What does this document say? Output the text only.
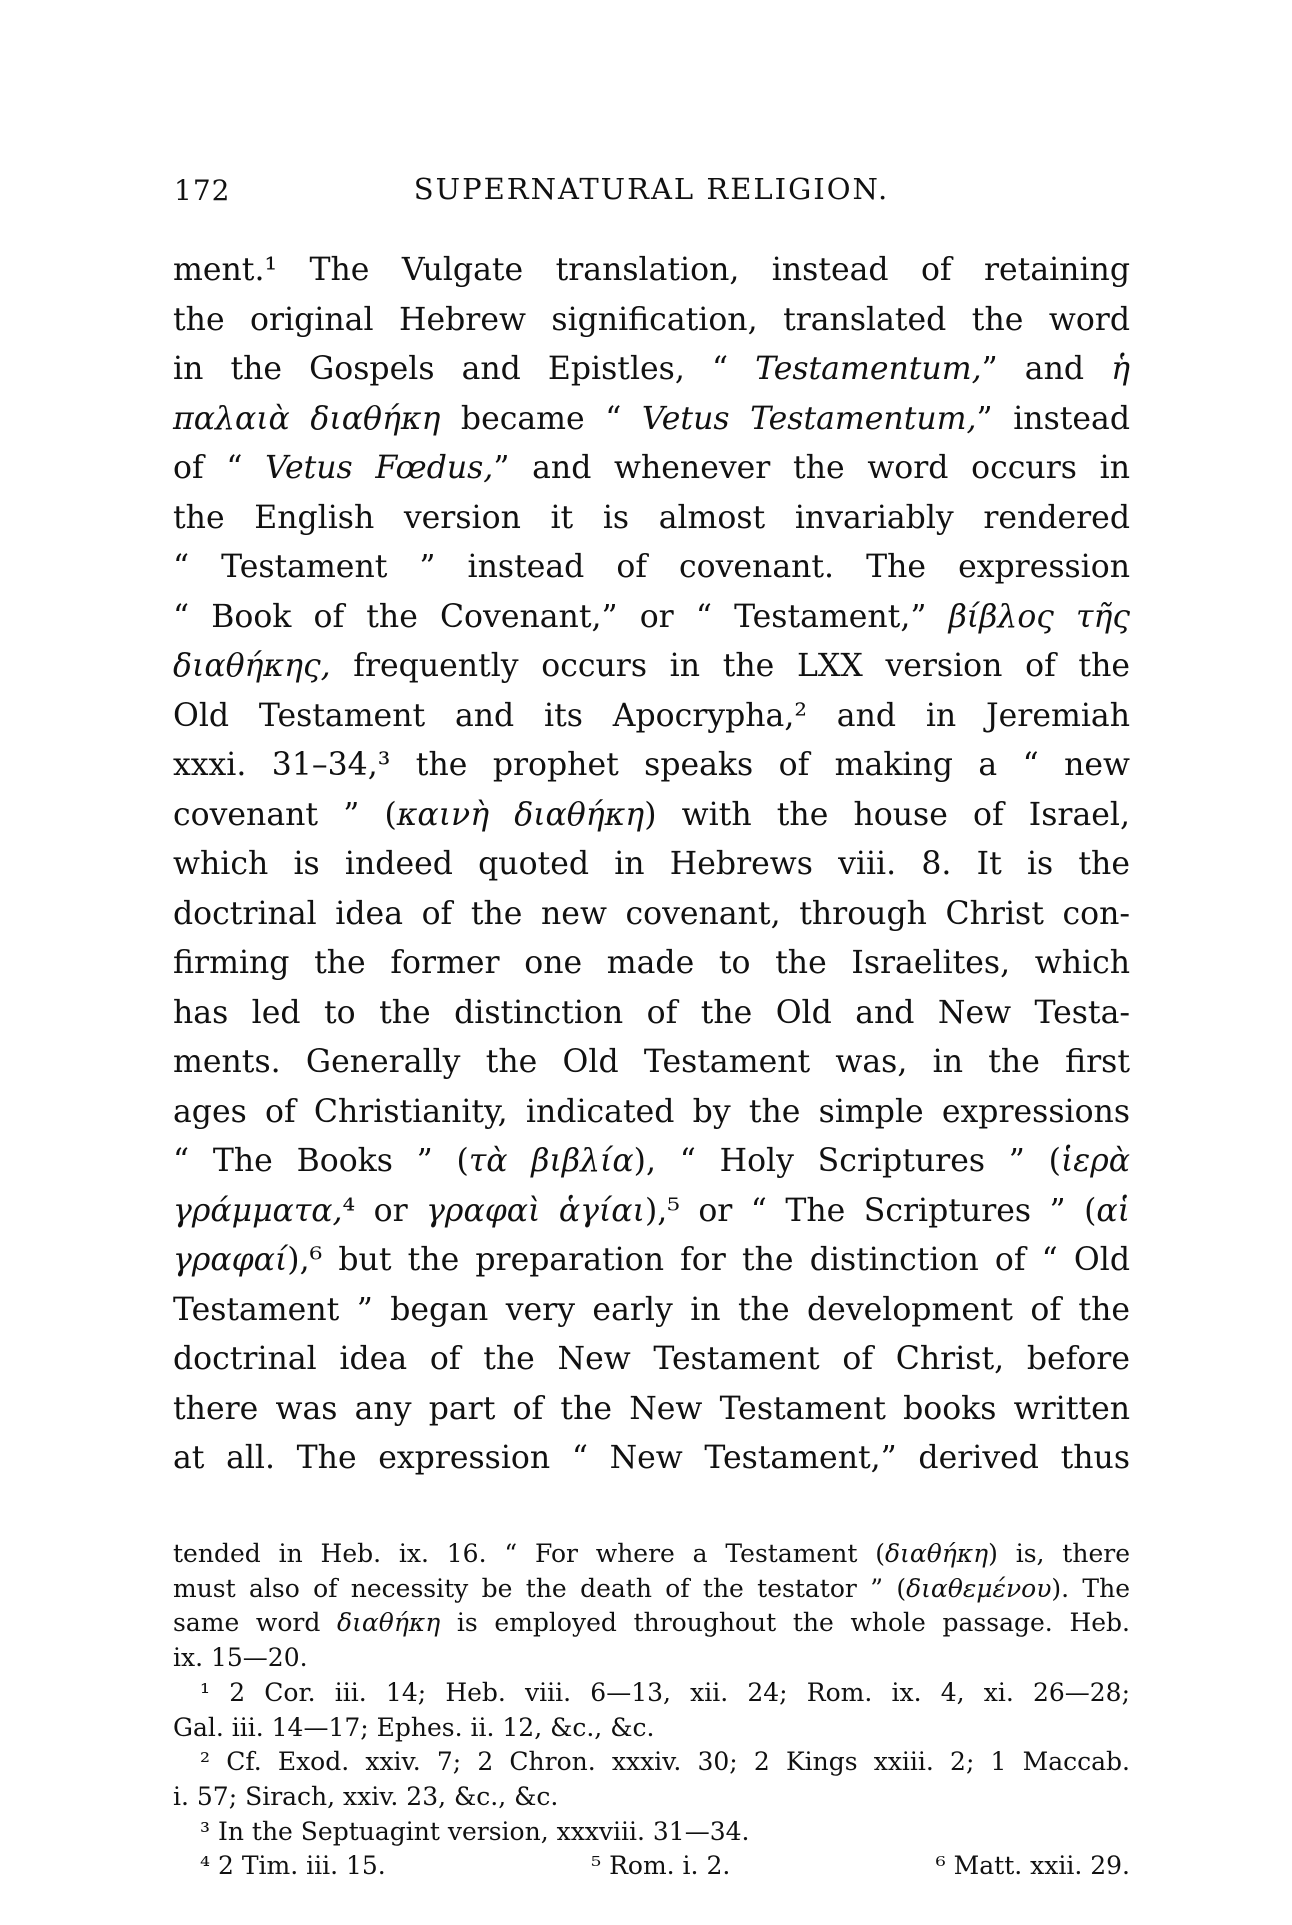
172	SUPERNATURAL RELIGION.
ment.¹ The Vulgate translation, instead of retaining
the original Hebrew signification, translated the word
in the Gospels and Epistles, “ Testamentum,” and ἡ
παλαιὰ διαθήκη became “ Vetus Testamentum,” instead
of “ Vetus Fœdus,” and whenever the word occurs in
the English version it is almost invariably rendered
“ Testament ” instead of covenant. The expression
“ Book of the Covenant,” or “ Testament,” βίβλος τῆς
διαθήκης, frequently occurs in the LXX version of the
Old Testament and its Apocrypha,² and in Jeremiah
xxxi. 31–34,³ the prophet speaks of making a “ new
covenant ” (καινὴ διαθήκη) with the house of Israel,
which is indeed quoted in Hebrews viii. 8. It is the
doctrinal idea of the new covenant, through Christ con-
firming the former one made to the Israelites, which
has led to the distinction of the Old and New Testa-
ments. Generally the Old Testament was, in the first
ages of Christianity, indicated by the simple expressions
“ The Books ” (τὰ βιβλία), “ Holy Scriptures ” (ἱερὰ
γράμματα,⁴ or γραφαὶ ἁγίαι),⁵ or “ The Scriptures ” (αἱ
γραφαί),⁶ but the preparation for the distinction of “ Old
Testament ” began very early in the development of the
doctrinal idea of the New Testament of Christ, before
there was any part of the New Testament books written
at all. The expression “ New Testament,” derived thus
tended in Heb. ix. 16. “ For where a Testament (διαθήκη) is, there
must also of necessity be the death of the testator ” (διαθεμένου). The
same word διαθήκη is employed throughout the whole passage. Heb.
ix. 15—20.
¹ 2 Cor. iii. 14; Heb. viii. 6—13, xii. 24; Rom. ix. 4, xi. 26—28;
Gal. iii. 14—17; Ephes. ii. 12, &c., &c.
² Cf. Exod. xxiv. 7; 2 Chron. xxxiv. 30; 2 Kings xxiii. 2; 1 Maccab.
i. 57; Sirach, xxiv. 23, &c., &c.
³ In the Septuagint version, xxxviii. 31—34.
⁴ 2 Tim. iii. 15.	⁵ Rom. i. 2.	⁶ Matt. xxii. 29.
